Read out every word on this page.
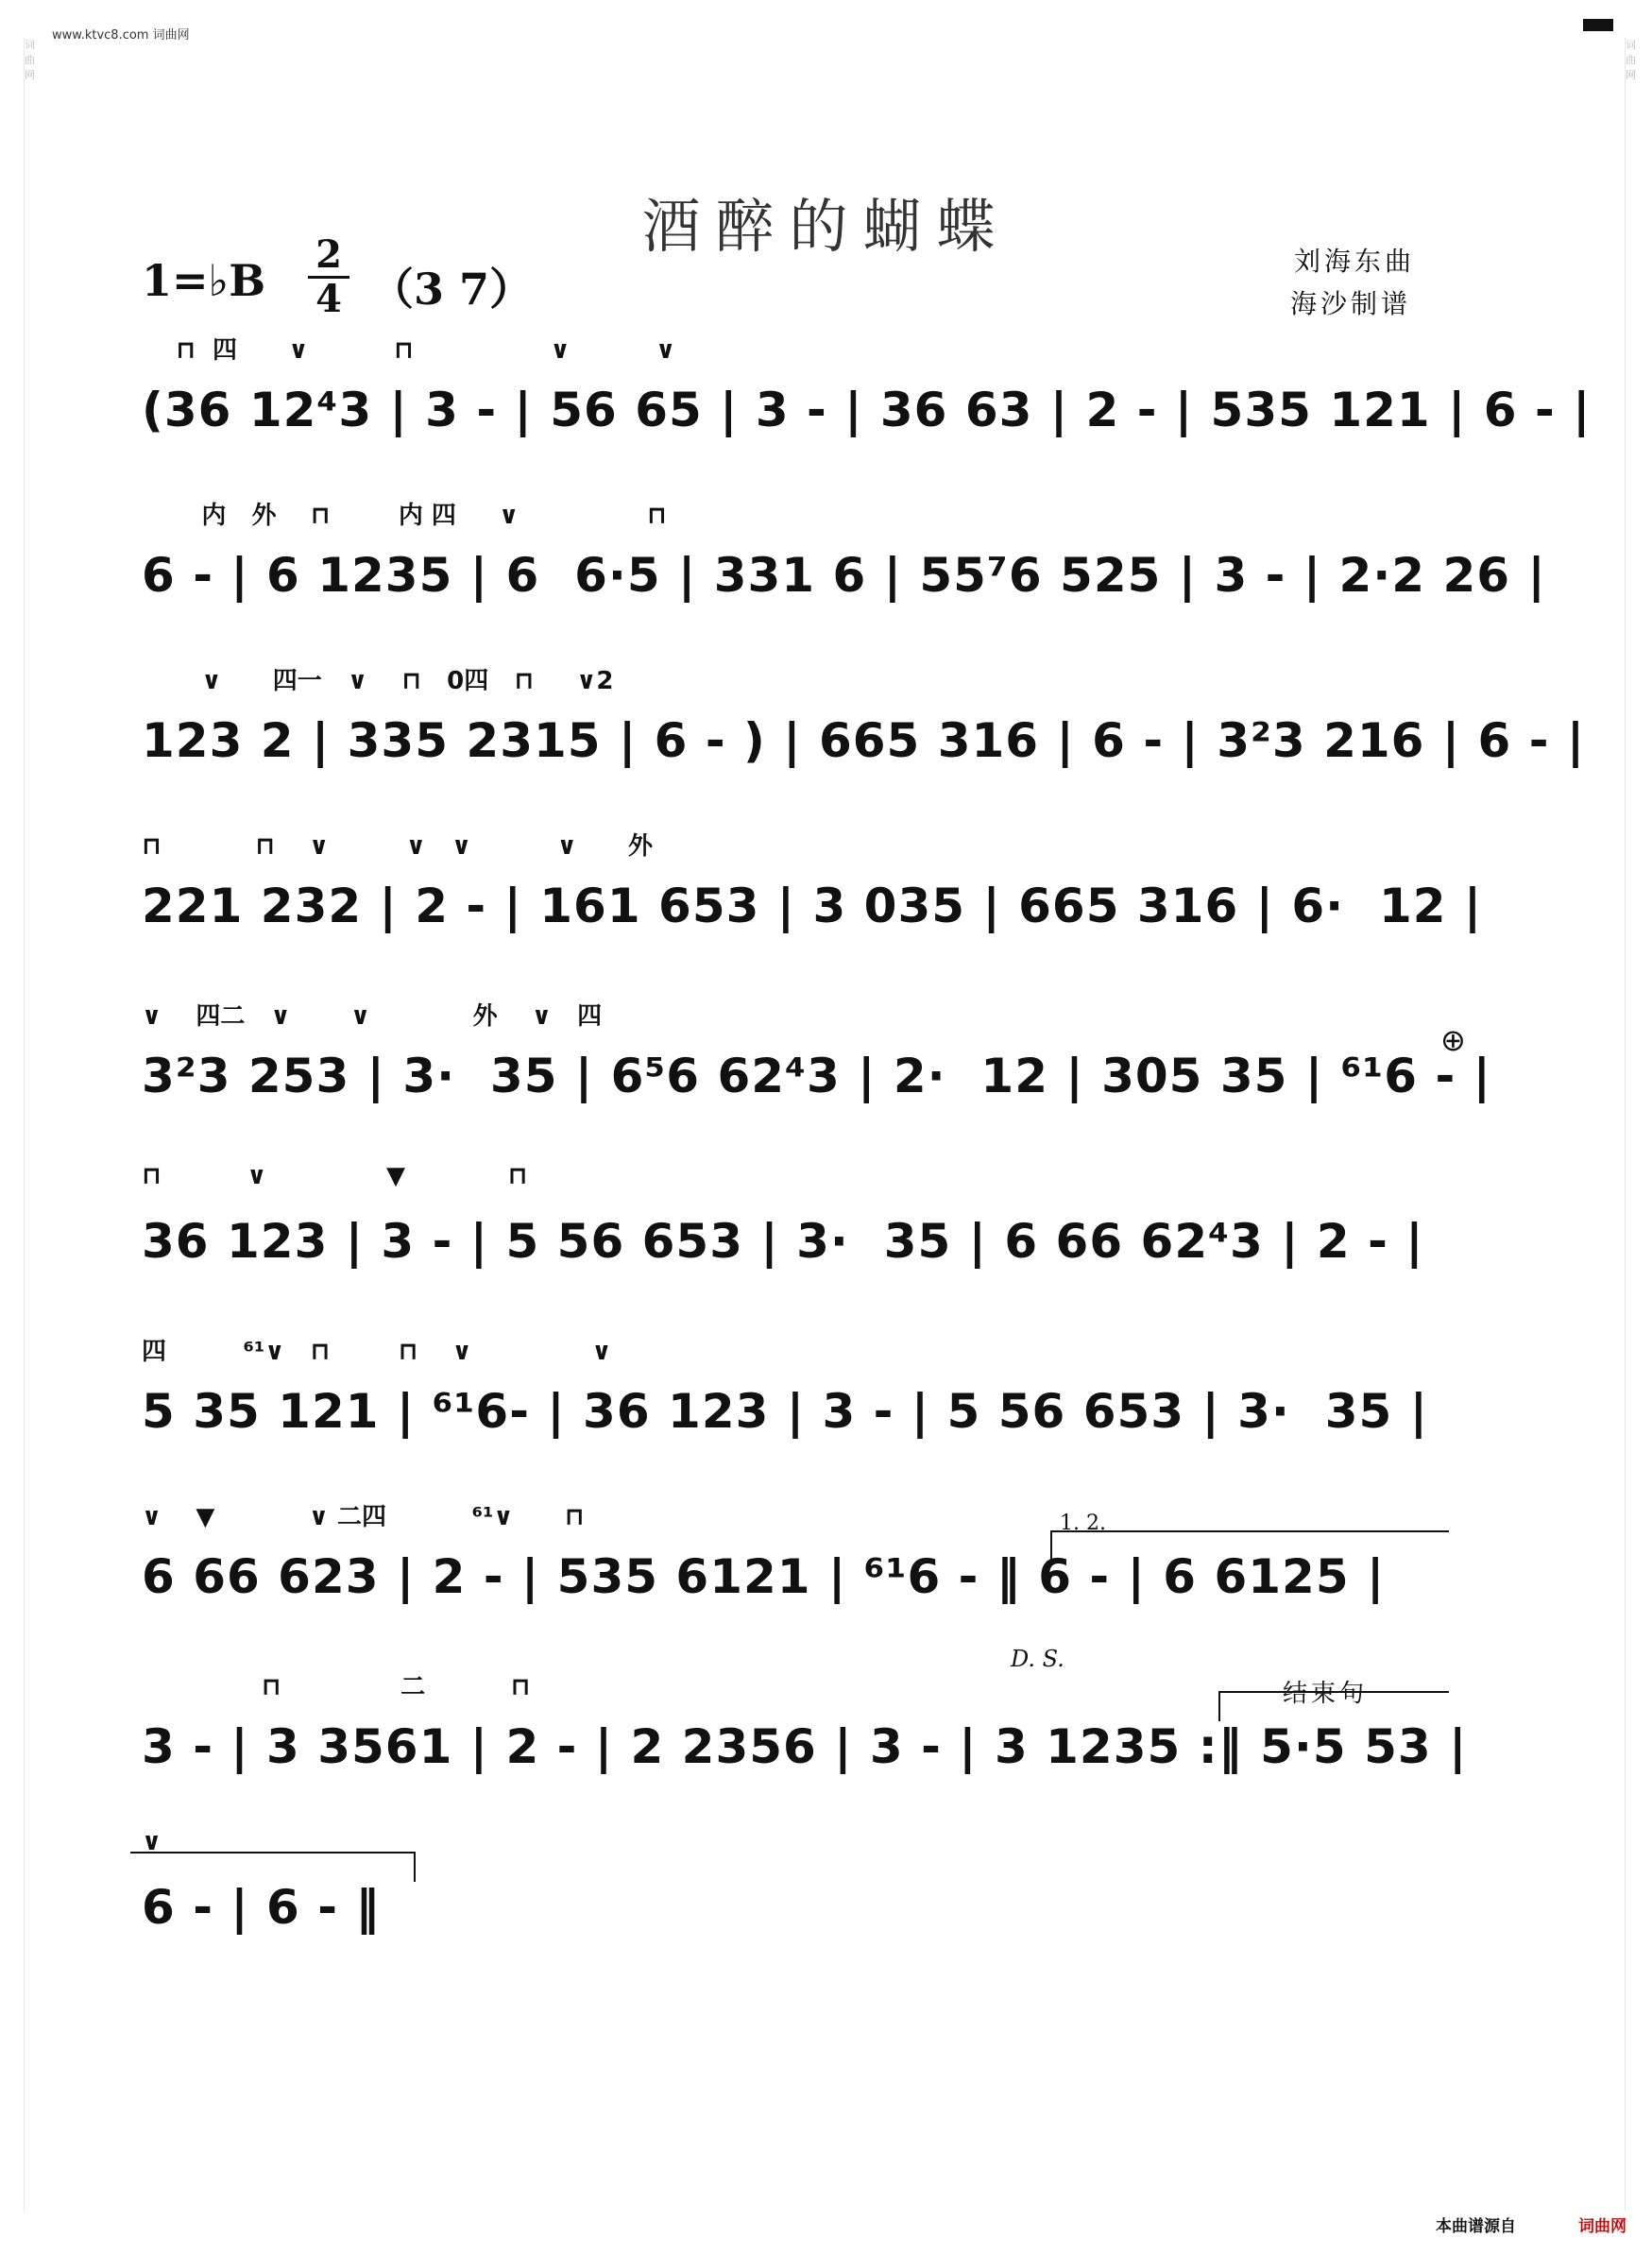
www.ktvc8.com 词曲网
词曲网
词曲网
酒醉的蝴蝶
刘海东曲
海沙制谱
1=♭B $\frac{2}{4} (3$ 7）
⊓  四      ∨          ⊓                ∨          ∨
(36 12⁴3 | 3 - | 56 65 | 3 - | 36 63 | 2 - | 535 121 | 6 - |
内   外    ⊓        内 四     ∨               ⊓
6 - | 6 1235 | 6  6·5 | 331 6 | 55⁷6 525 | 3 - | 2·2 26 |
∨      四一   ∨    ⊓   0四   ⊓     ∨2
123 2 | 335 2315 | 6 - ) | 665 316 | 6 - | 3²3 216 | 6 - |
⊓           ⊓    ∨         ∨   ∨          ∨      外
221 232 | 2 - | 161 653 | 3 035 | 665 316 | 6·  12 |
∨    四二   ∨       ∨            外    ∨   四
3²3 253 | 3·  35 | 6⁵6 62⁴3 | 2·  12 | 305 35 | ⁶¹6 - |
⊓          ∨              ▼            ⊓
36 123 | 3 - | 5 56 653 | 3·  35 | 6 66 62⁴3 | 2 - |
四         ⁶¹∨   ⊓        ⊓    ∨              ∨
5 35 121 | ⁶¹6- | 36 123 | 3 - | 5 56 653 | 3·  35 |
∨    ▼           ∨ 二四          ⁶¹∨      ⊓
6 66 623 | 2 - | 535 6121 | ⁶¹6 - ‖ 6 - | 6 6125 |
⊓              二          ⊓
3 - | 3 3561 | 2 - | 2 2356 | 3 - | 3 1235 :‖ 5·5 53 |
∨
6 - | 6 - ‖
⊕
1. 2.
D. S.
结束句
本曲谱源自	词曲网
